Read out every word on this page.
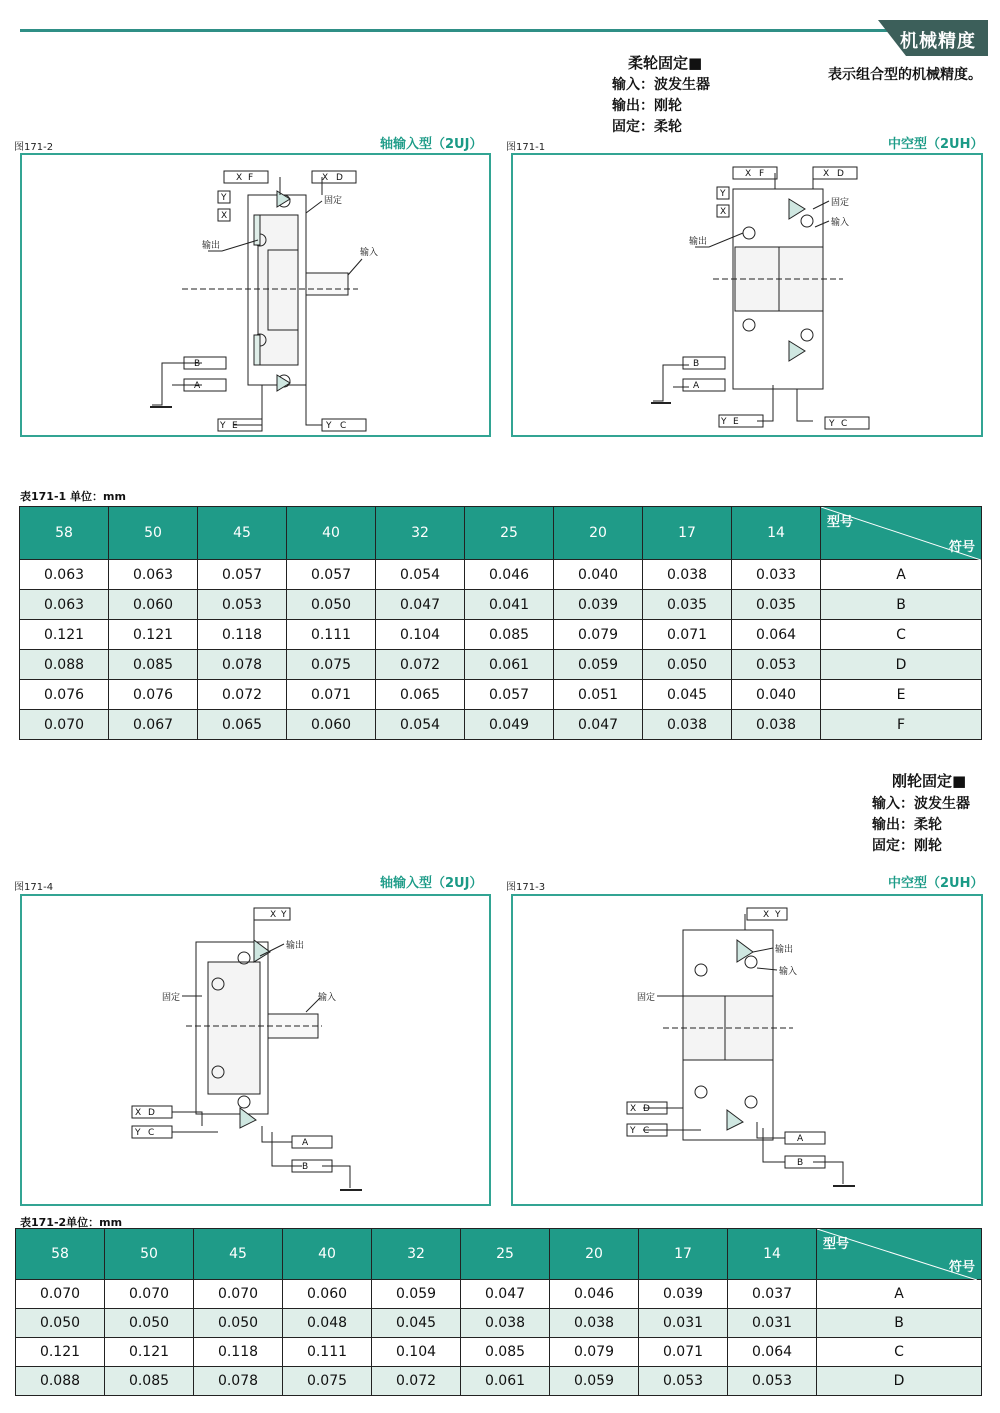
机械精度
表示组合型的机械精度。
柔轮固定■
输入：波发生器
输出：刚轮
固定：柔轮
轴输入型（2UJ）
图171-2	中空型（2UH）
图171-1
F
X	D
X
Y
X
B
A
E
Y	C
Y
输出
固定
输入
F
X	D
X
Y
X
B
A
E
Y	C
Y
输出
固定
输入
表171-1 单位：mm
58	50	45	40	32	25	20	17	14	型号
符号

0.063	0.063	0.057	0.057	0.054	0.046	0.040	0.038	0.033	A
0.063	0.060	0.053	0.050	0.047	0.041	0.039	0.035	0.035	B
0.121	0.121	0.118	0.111	0.104	0.085	0.079	0.071	0.064	C
0.088	0.085	0.078	0.075	0.072	0.061	0.059	0.050	0.053	D
0.076	0.076	0.072	0.071	0.065	0.057	0.051	0.045	0.040	E
0.070	0.067	0.065	0.060	0.054	0.049	0.047	0.038	0.038	F
刚轮固定■
输入：波发生器
输出：柔轮
固定：刚轮
轴输入型（2UJ）
图171-4	中空型（2UH）
图171-3
X Y
D
X
C
Y
A
B
输出
固定	输入
X Y
D
X
C
Y
A
B
输出
输入
固定
表171-2单位：mm
58	50	45	40	32	25	20	17	14	型号
符号

0.070	0.070	0.070	0.060	0.059	0.047	0.046	0.039	0.037	A
0.050	0.050	0.050	0.048	0.045	0.038	0.038	0.031	0.031	B
0.121	0.121	0.118	0.111	0.104	0.085	0.079	0.071	0.064	C
0.088	0.085	0.078	0.075	0.072	0.061	0.059	0.053	0.053	D
